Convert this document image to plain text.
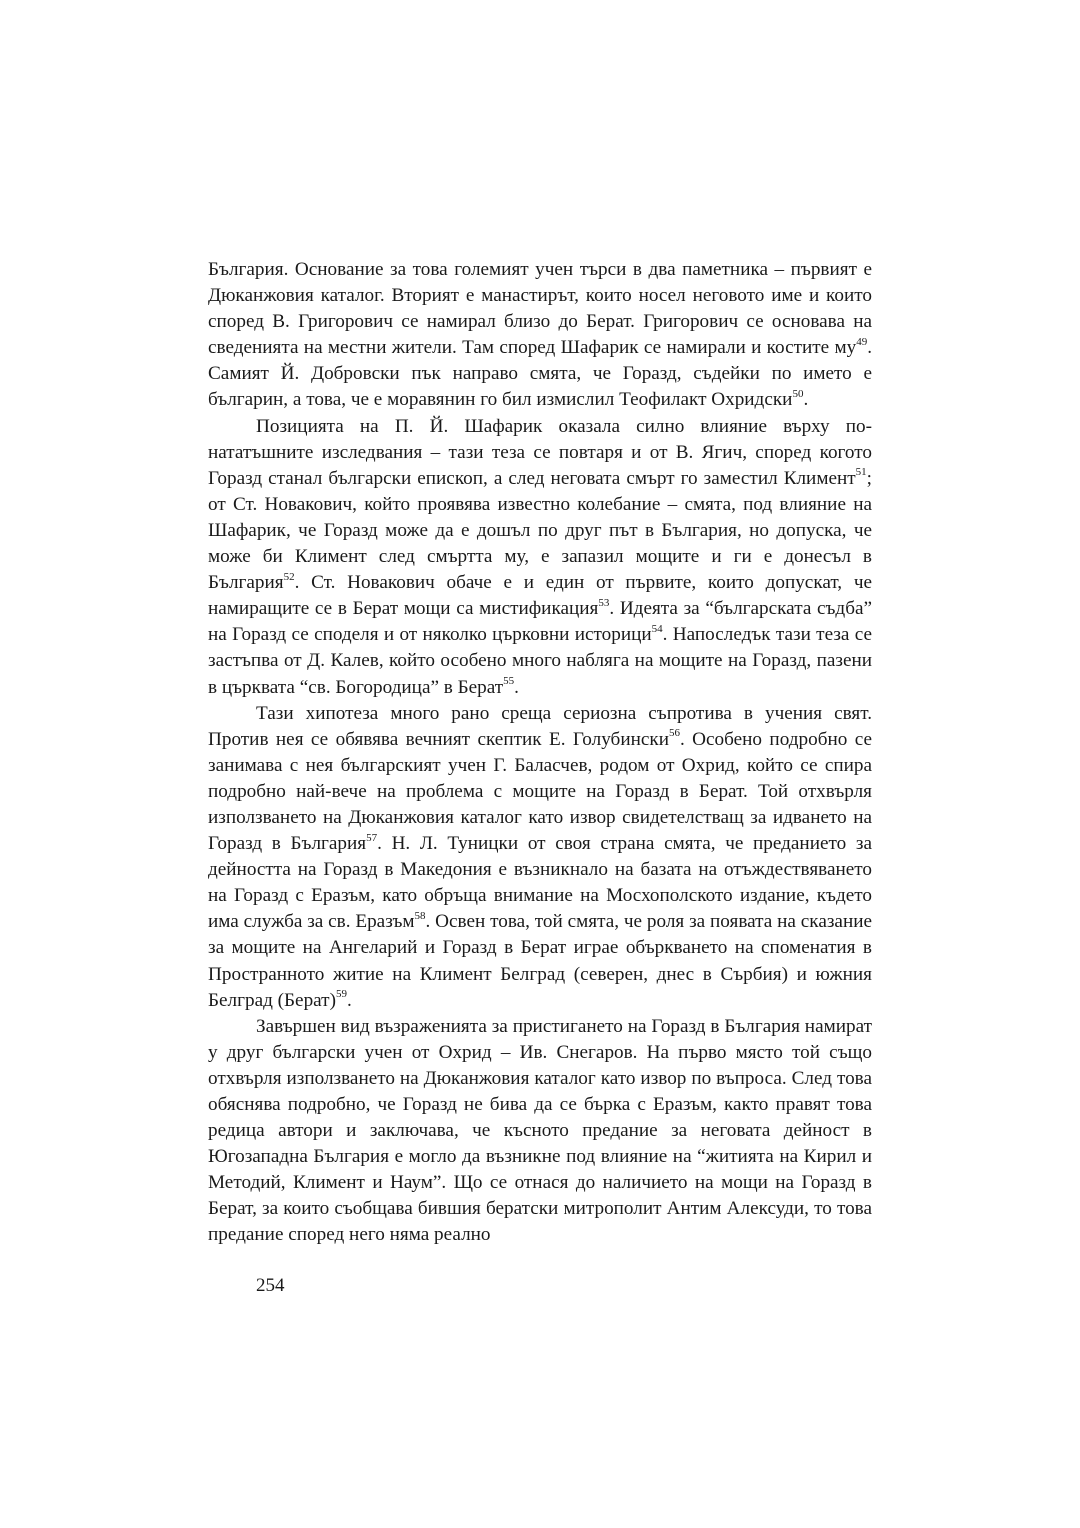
България. Основание за това големият учен търси в два паметника – първият е Дюканжовия каталог. Вторият е манастирът, които носел неговото име и които според В. Григорович се намирал близо до Берат. Григорович се основава на сведенията на местни жители. Там според Шафарик се намирали и костите му$^{49}$. Самият Й. Добровски пък направо смята, че Горазд, съдейки по името е българин, а това, че е моравянин го бил измислил Теофилакт Охридски$^{50}$.

Позицията на П. Й. Шафарик оказала силно влияние върху по-нататъшните изследвания – тази теза се повтаря и от В. Ягич, според когото Горазд станал български епископ, а след неговата смърт го заместил Климент$^{51}$; от Ст. Новакович, който проявява известно колебание – смята, под влияние на Шафарик, че Горазд може да е дошъл по друг път в България, но допуска, че може би Климент след смъртта му, е запазил мощите и ги е донесъл в България$^{52}$. Ст. Новакович обаче е и един от първите, които допускат, че намиращите се в Берат мощи са мистификация$^{53}$. Идеята за “българската съдба” на Горазд се споделя и от няколко църковни историци$^{54}$. Напоследък тази теза се застъпва от Д. Калев, който особено много набляга на мощите на Горазд, пазени в църквата “св. Богородица” в Берат$^{55}$.

Тази хипотеза много рано среща сериозна съпротива в учения свят. Против нея се обявява вечният скептик Е. Голубински$^{56}$. Особено подробно се занимава с нея българският учен Г. Баласчев, родом от Охрид, който се спира подробно най-вече на проблема с мощите на Горазд в Берат. Той отхвърля използването на Дюканжовия каталог като извор свидетелстващ за идването на Горазд в България$^{57}$. Н. Л. Туницки от своя страна смята, че преданието за дейността на Горазд в Македония е възникнало на базата на отъждествяването на Горазд с Еразъм, като обръща внимание на Мосхополското издание, където има служба за св. Еразъм$^{58}$. Освен това, той смята, че роля за появата на сказание за мощите на Ангеларий и Горазд в Берат играе объркването на споменатия в Пространното житие на Климент Белград (северен, днес в Сърбия) и южния Белград (Берат)$^{59}$.

Завършен вид възраженията за пристигането на Горазд в България намират у друг български учен от Охрид – Ив. Снегаров. На първо място той също отхвърля използването на Дюканжовия каталог като извор по въпроса. След това обяснява подробно, че Горазд не бива да се бърка с Еразъм, както правят това редица автори и заключава, че късното предание за неговата дейност в Югозападна България е могло да възникне под влияние на “житията на Кирил и Методий, Климент и Наум”. Що се отнася до наличието на мощи на Горазд в Берат, за които съобщава бившия бератски митрополит Антим Алексуди, то това предание според него няма реално

254
